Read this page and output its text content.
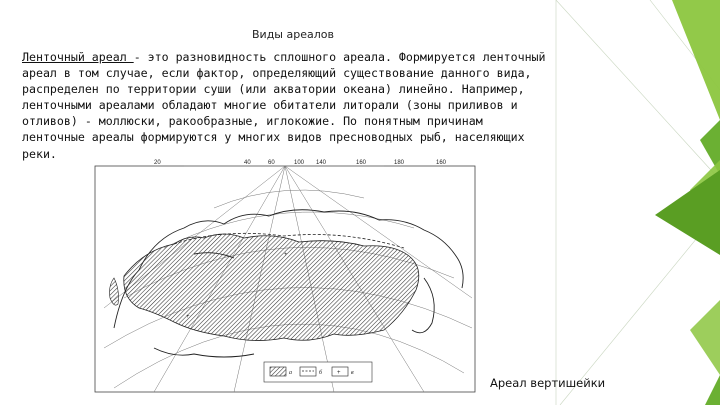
Виды ареалов

Ленточный ареал - это разновидность сплошного ареала. Формируется ленточный ареал в том случае, если фактор, определяющий существование данного вида, распределен по территории суши (или акватории океана) линейно. Например, ленточными ареалами обладают многие обитатели литорали (зоны приливов и отливов) - моллюски, ракообразные, иглокожие. По понятным причинам ленточные ареалы формируются у многих видов пресноводных рыб, населяющих реки.

+
+
20	40	60	100 140	160	180	160
а	б + в
Ареал вертишейки
